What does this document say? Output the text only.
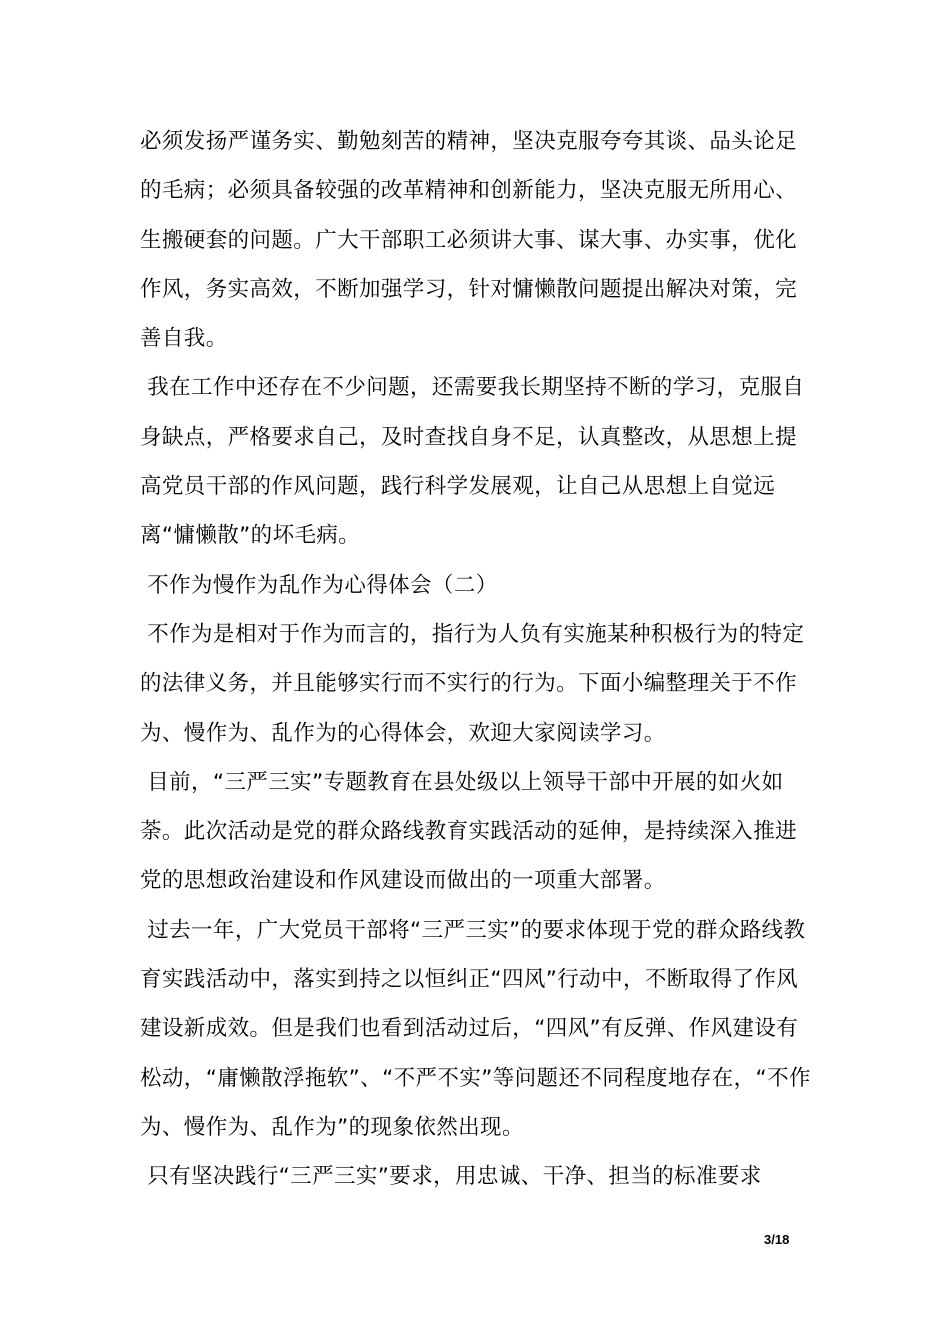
必须发扬严谨务实、勤勉刻苦的精神，坚决克服夸夸其谈、品头论足的毛病；必须具备较强的改革精神和创新能力，坚决克服无所用心、生搬硬套的问题。广大干部职工必须讲大事、谋大事、办实事，优化作风，务实高效，不断加强学习，针对慵懒散问题提出解决对策，完善自我。

我在工作中还存在不少问题，还需要我长期坚持不断的学习，克服自身缺点，严格要求自己，及时查找自身不足，认真整改，从思想上提高党员干部的作风问题，践行科学发展观，让自己从思想上自觉远离“慵懒散”的坏毛病。

不作为慢作为乱作为心得体会（二）

不作为是相对于作为而言的，指行为人负有实施某种积极行为的特定的法律义务，并且能够实行而不实行的行为。下面小编整理关于不作为、慢作为、乱作为的心得体会，欢迎大家阅读学习。

目前，“三严三实”专题教育在县处级以上领导干部中开展的如火如荼。此次活动是党的群众路线教育实践活动的延伸，是持续深入推进党的思想政治建设和作风建设而做出的一项重大部署。

过去一年，广大党员干部将“三严三实”的要求体现于党的群众路线教育实践活动中，落实到持之以恒纠正“四风”行动中，不断取得了作风建设新成效。但是我们也看到活动过后，“四风”有反弹、作风建设有松动，“庸懒散浮拖软”、“不严不实”等问题还不同程度地存在，“不作为、慢作为、乱作为”的现象依然出现。

只有坚决践行“三严三实”要求，用忠诚、干净、担当的标准要求

3/18
